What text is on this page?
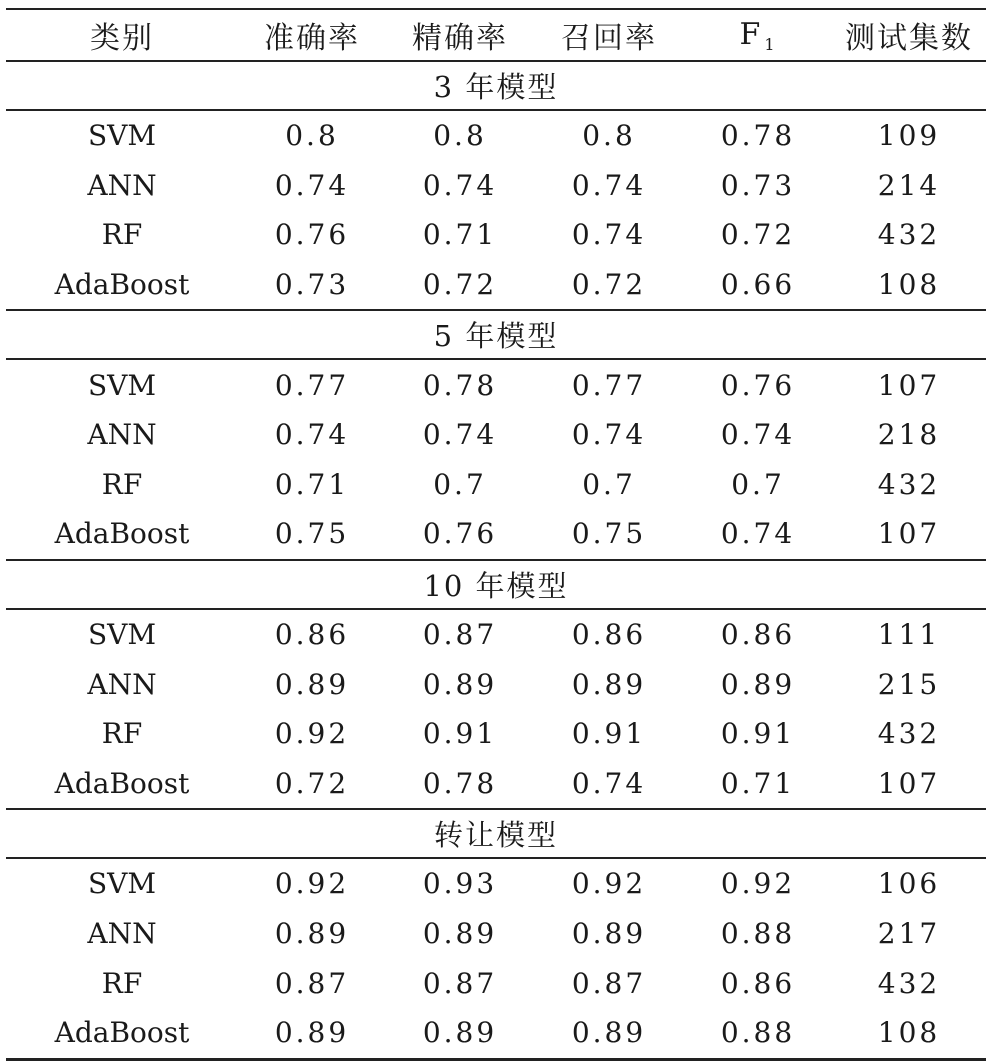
类别	准确率	精确率	召回率	F $_1$	测试集数
3 年模型					
SVM	0.8	0.8	0.8	0.78	109
ANN	0.74	0.74	0.74	0.73	214
RF	0.76	0.71	0.74	0.72	432
AdaBoost	0.73	0.72	0.72	0.66	108
5 年模型					
SVM	0.77	0.78	0.77	0.76	107
ANN	0.74	0.74	0.74	0.74	218
RF	0.71	0.7	0.7	0.7	432
AdaBoost	0.75	0.76	0.75	0.74	107
10 年模型					
SVM	0.86	0.87	0.86	0.86	111
ANN	0.89	0.89	0.89	0.89	215
RF	0.92	0.91	0.91	0.91	432
AdaBoost	0.72	0.78	0.74	0.71	107
转让模型					
SVM	0.92	0.93	0.92	0.92	106
ANN	0.89	0.89	0.89	0.88	217
RF	0.87	0.87	0.87	0.86	432
AdaBoost	0.89	0.89	0.89	0.88	108
